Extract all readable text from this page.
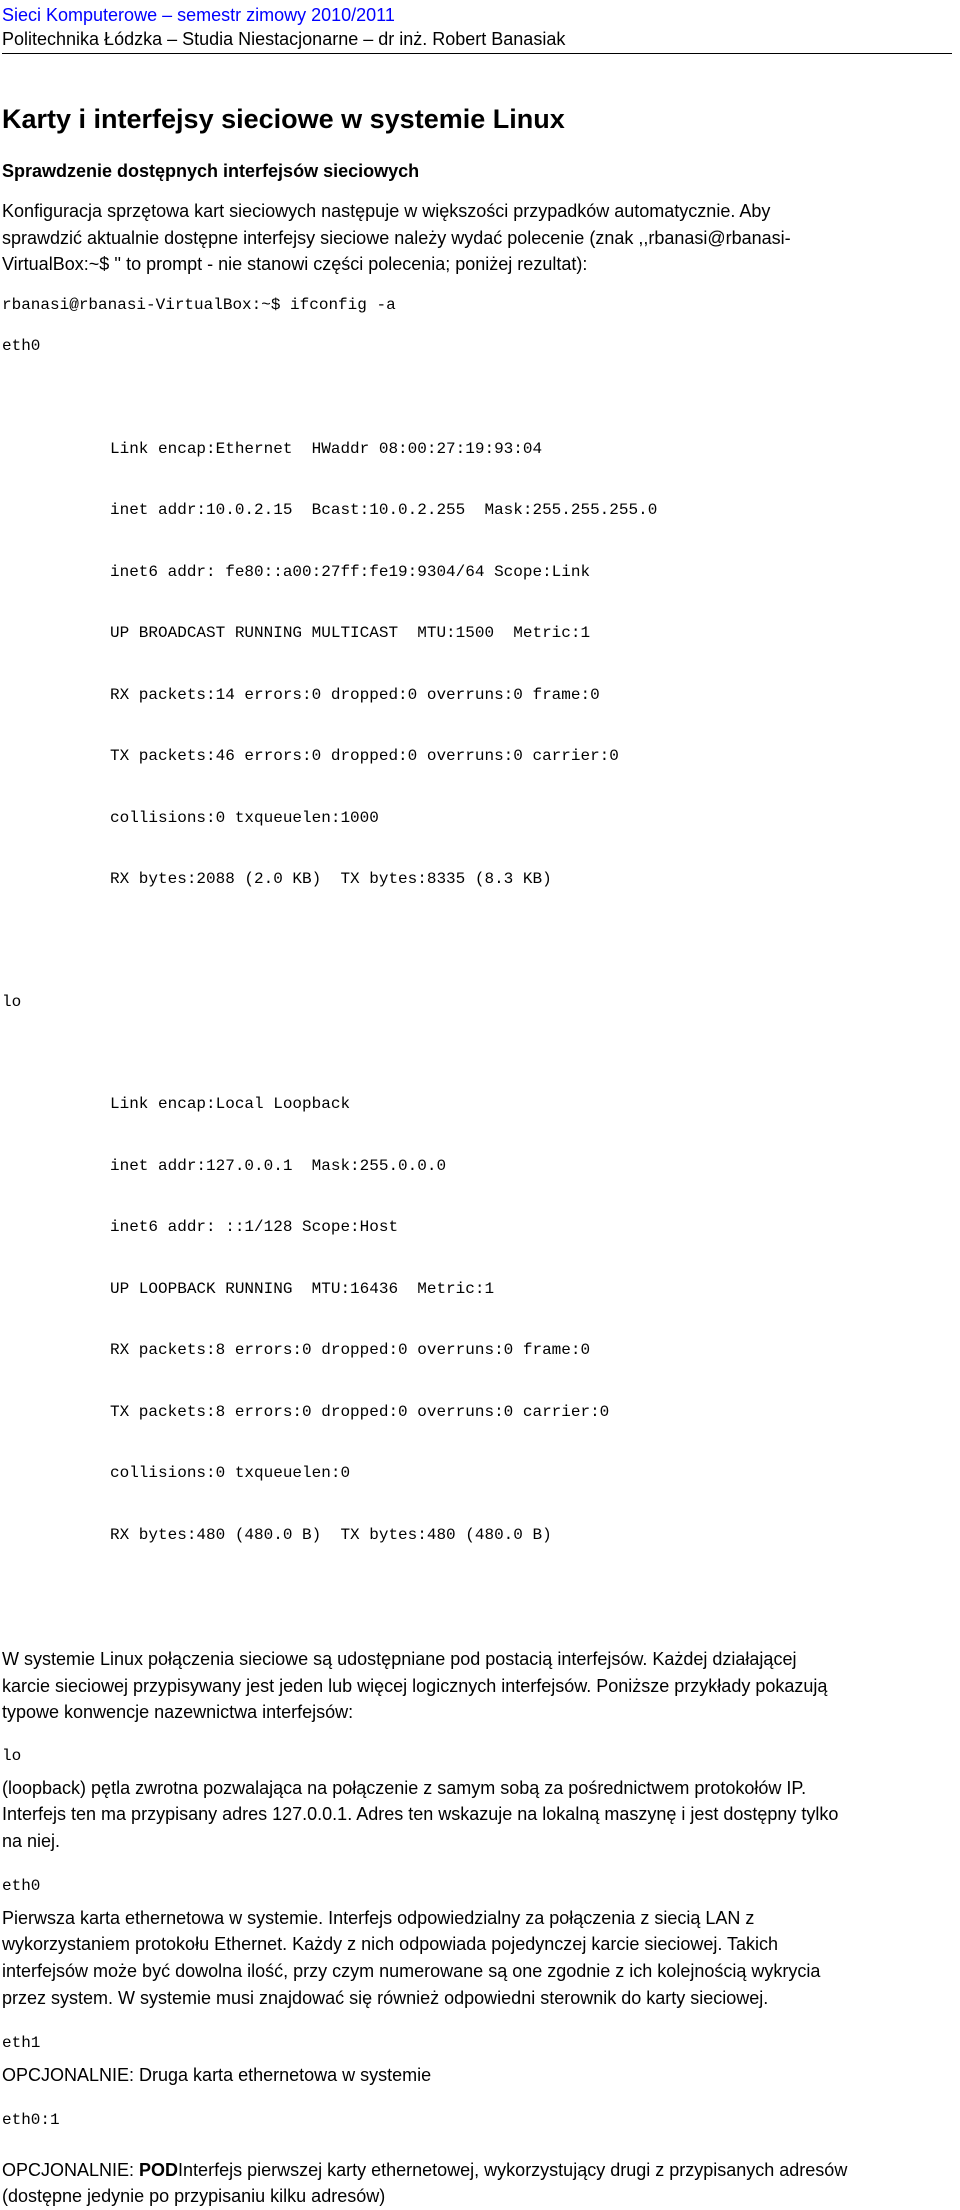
Sieci Komputerowe – semestr zimowy 2010/2011

Politechnika Łódzka – Studia Niestacjonarne – dr inż. Robert Banasiak

Karty i interfejsy sieciowe w systemie Linux
Sprawdzenie dostępnych interfejsów sieciowych
Konfiguracja sprzętowa kart sieciowych następuje w większości przypadków automatycznie. Aby
sprawdzić aktualnie dostępne interfejsy sieciowe należy wydać polecenie (znak ,,rbanasi@rbanasi-
VirtualBox:~$ '' to prompt - nie stanowi części polecenia; poniżej rezultat):
rbanasi@rbanasi-VirtualBox:~$ ifconfig -a

eth0

Link encap:Ethernet  HWaddr 08:00:27:19:93:04

inet addr:10.0.2.15  Bcast:10.0.2.255  Mask:255.255.255.0

inet6 addr: fe80::a00:27ff:fe19:9304/64 Scope:Link

UP BROADCAST RUNNING MULTICAST  MTU:1500  Metric:1

RX packets:14 errors:0 dropped:0 overruns:0 frame:0

TX packets:46 errors:0 dropped:0 overruns:0 carrier:0

collisions:0 txqueuelen:1000

RX bytes:2088 (2.0 KB)  TX bytes:8335 (8.3 KB)

lo

Link encap:Local Loopback

inet addr:127.0.0.1  Mask:255.0.0.0

inet6 addr: ::1/128 Scope:Host

UP LOOPBACK RUNNING  MTU:16436  Metric:1

RX packets:8 errors:0 dropped:0 overruns:0 frame:0

TX packets:8 errors:0 dropped:0 overruns:0 carrier:0

collisions:0 txqueuelen:0

RX bytes:480 (480.0 B)  TX bytes:480 (480.0 B)

W systemie Linux połączenia sieciowe są udostępniane pod postacią interfejsów. Każdej działającej
karcie sieciowej przypisywany jest jeden lub więcej logicznych interfejsów. Poniższe przykłady pokazują
typowe konwencje nazewnictwa interfejsów:
lo
(loopback) pętla zwrotna pozwalająca na połączenie z samym sobą za pośrednictwem protokołów IP.
Interfejs ten ma przypisany adres 127.0.0.1. Adres ten wskazuje na lokalną maszynę i jest dostępny tylko
na niej.
eth0
Pierwsza karta ethernetowa w systemie. Interfejs odpowiedzialny za połączenia z siecią LAN z
wykorzystaniem protokołu Ethernet. Każdy z nich odpowiada pojedynczej karcie sieciowej. Takich
interfejsów może być dowolna ilość, przy czym numerowane są one zgodnie z ich kolejnością wykrycia
przez system. W systemie musi znajdować się również odpowiedni sterownik do karty sieciowej.
eth1
OPCJONALNIE: Druga karta ethernetowa w systemie
eth0:1
OPCJONALNIE: PODInterfejs pierwszej karty ethernetowej, wykorzystujący drugi z przypisanych adresów
(dostępne jedynie po przypisaniu kilku adresów)
